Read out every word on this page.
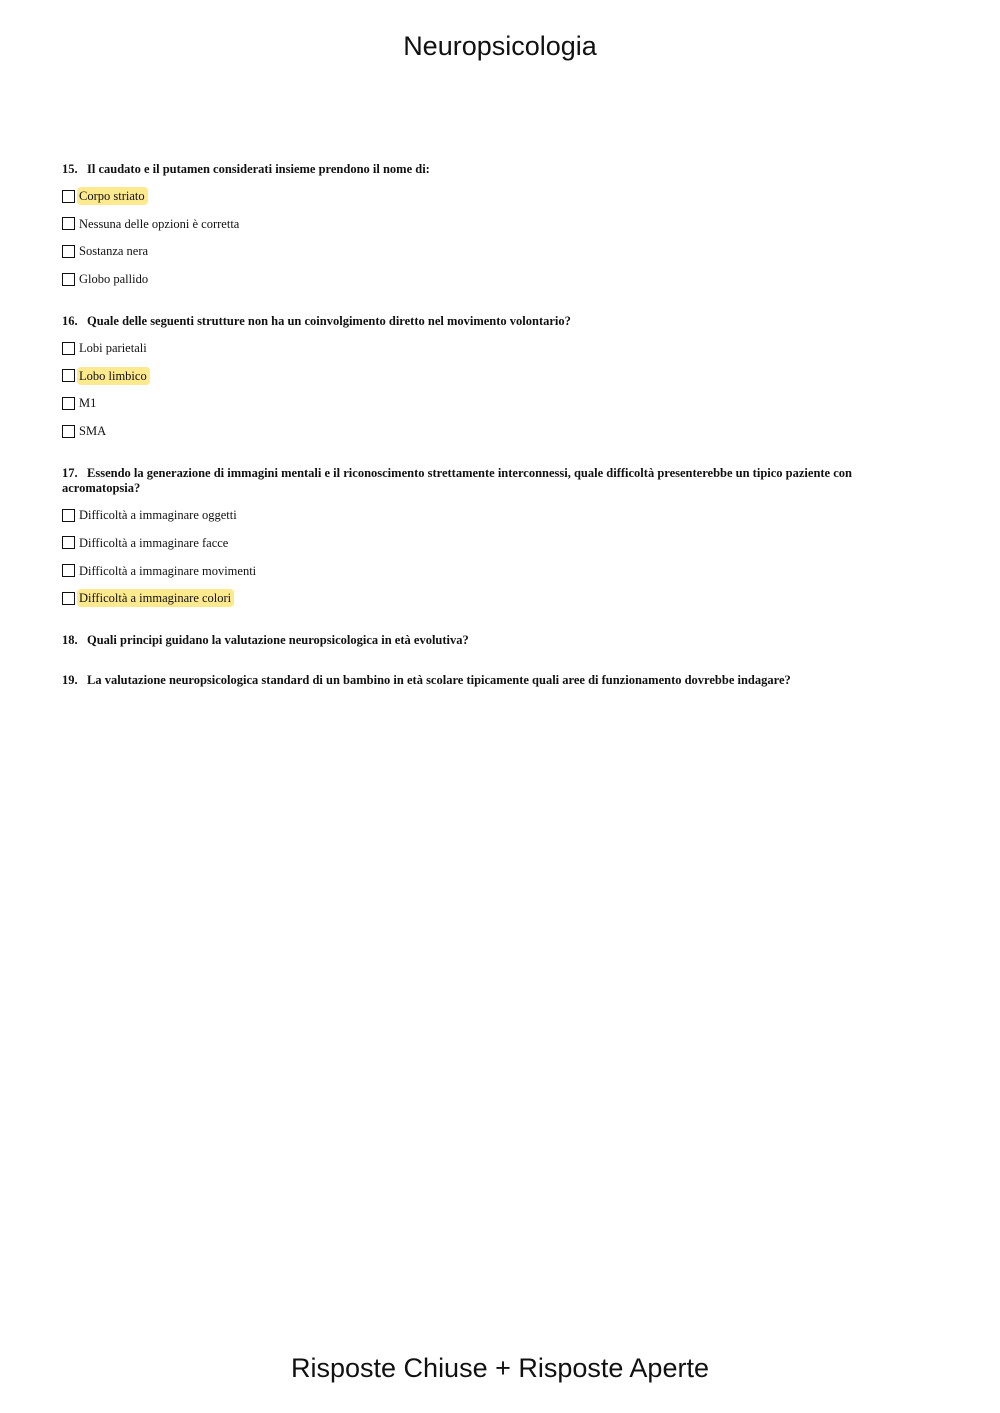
Neuropsicologia
15. Il caudato e il putamen considerati insieme prendono il nome di:
Corpo striato
Nessuna delle opzioni è corretta
Sostanza nera
Globo pallido
16. Quale delle seguenti strutture non ha un coinvolgimento diretto nel movimento volontario?
Lobi parietali
Lobo limbico
M1
SMA
17. Essendo la generazione di immagini mentali e il riconoscimento strettamente interconnessi, quale difficoltà presenterebbe un tipico paziente con acromatopsia?
Difficoltà a immaginare oggetti
Difficoltà a immaginare facce
Difficoltà a immaginare movimenti
Difficoltà a immaginare colori
18. Quali principi guidano la valutazione neuropsicologica in età evolutiva?
19. La valutazione neuropsicologica standard di un bambino in età scolare tipicamente quali aree di funzionamento dovrebbe indagare?
Risposte Chiuse + Risposte Aperte
